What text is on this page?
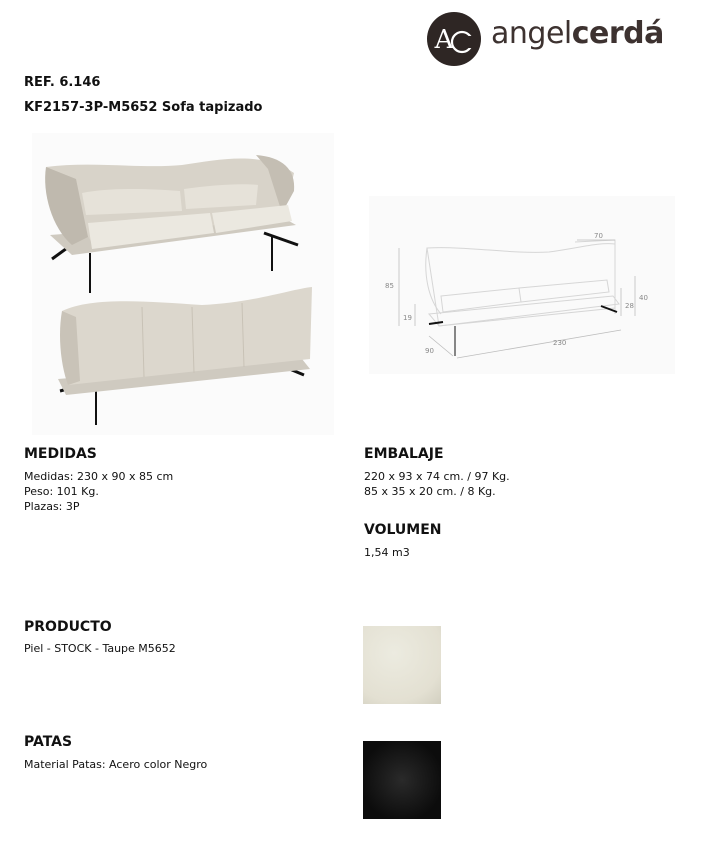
A angelcerdá
REF. 6.146
KF2157-3P-M5652 Sofa tapizado
70
85
19
90
230
28
40
MEDIDAS
Medidas: 230 x 90 x 85 cm
Peso: 101 Kg.
Plazas: 3P
EMBALAJE
220 x 93 x 74 cm. / 97 Kg.
85 x 35 x 20 cm. / 8 Kg.
VOLUMEN
1,54 m3
PRODUCTO
Piel - STOCK - Taupe M5652
PATAS
Material Patas: Acero color Negro
